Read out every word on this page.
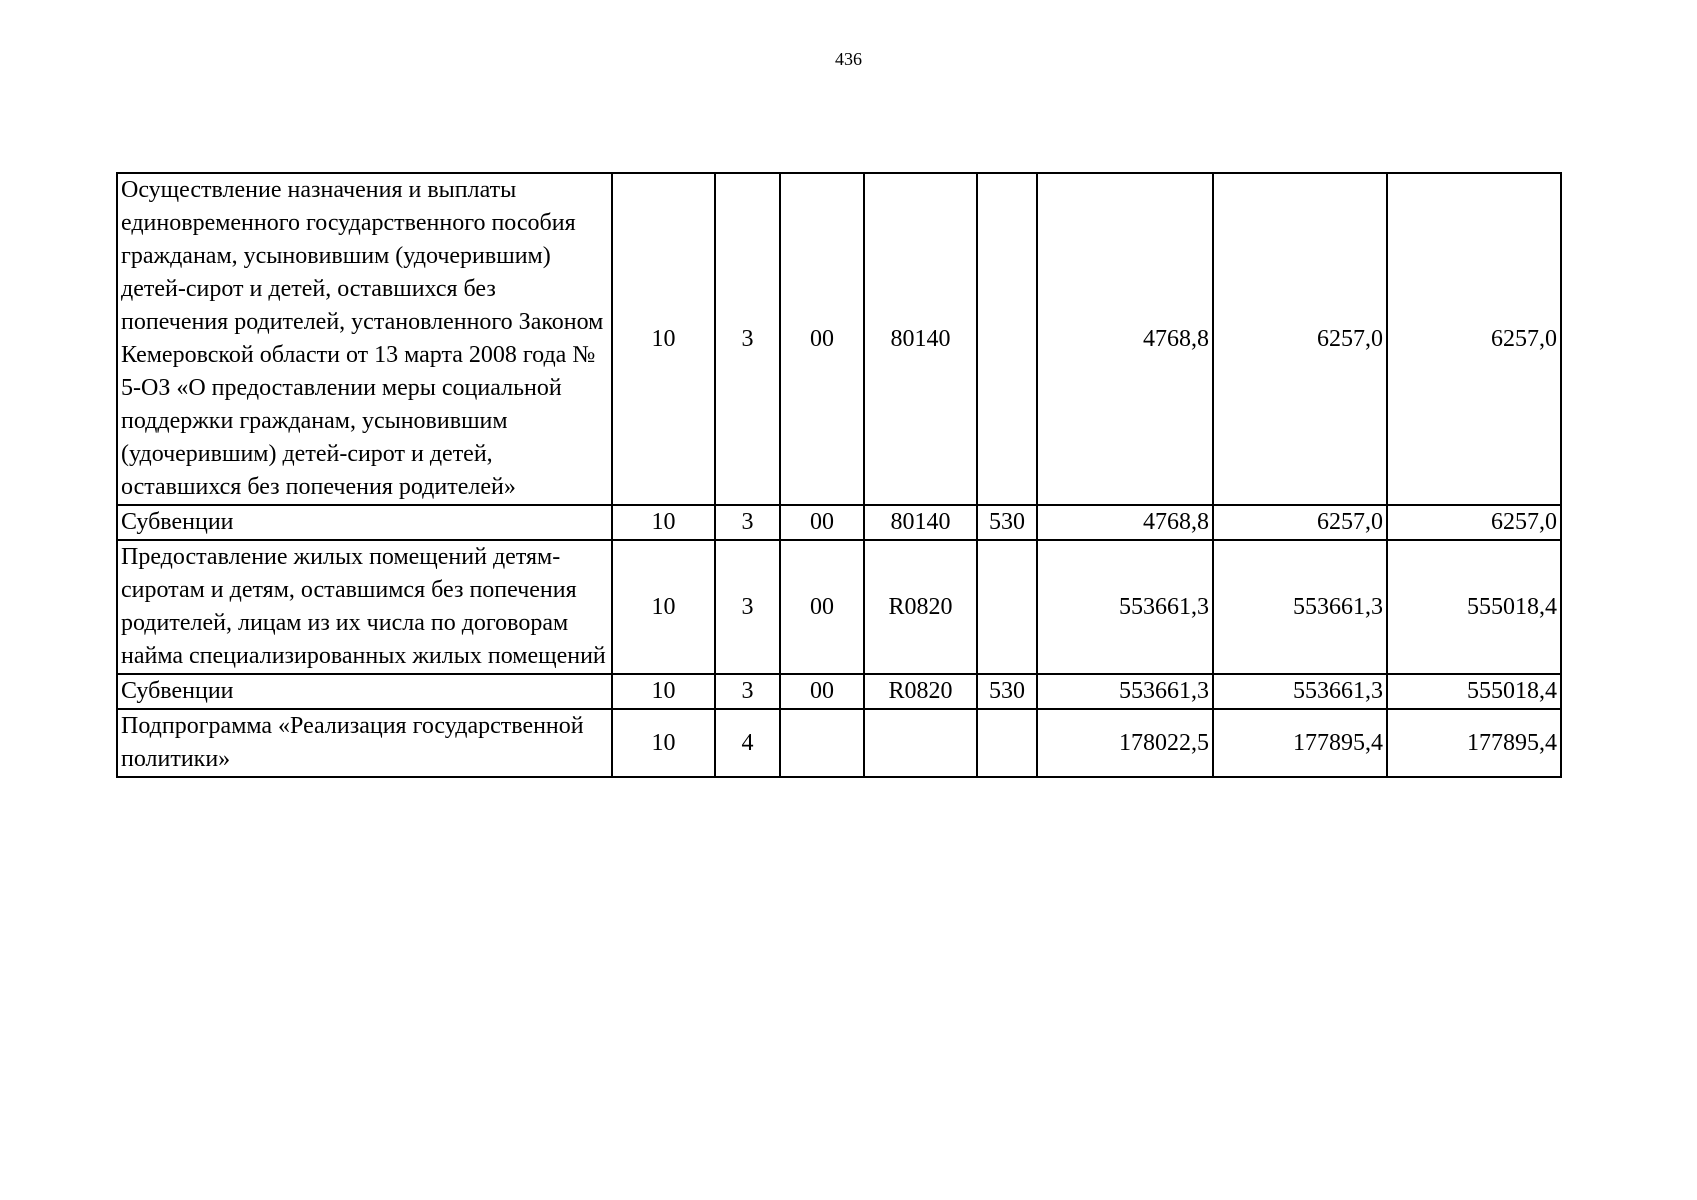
436
Осуществление назначения и выплаты единовременного государственного пособия гражданам, усыновившим (удочерившим) детей-сирот и детей, оставшихся без попечения родителей, установленного Законом Кемеровской области от 13 марта 2008 года № 5-ОЗ «О предоставлении меры социальной поддержки гражданам, усыновившим (удочерившим) детей-сирот и детей, оставшихся без попечения родителей»	10	3	00	80140		4768,8	6257,0	6257,0
Субвенции	10	3	00	80140	530	4768,8	6257,0	6257,0
Предоставление жилых помещений детям-сиротам и детям, оставшимся без попечения родителей, лицам из их числа по договорам найма специализированных жилых помещений	10	3	00	R0820		553661,3	553661,3	555018,4
Субвенции	10	3	00	R0820	530	553661,3	553661,3	555018,4
Подпрограмма «Реализация государственной политики»	10	4				178022,5	177895,4	177895,4
